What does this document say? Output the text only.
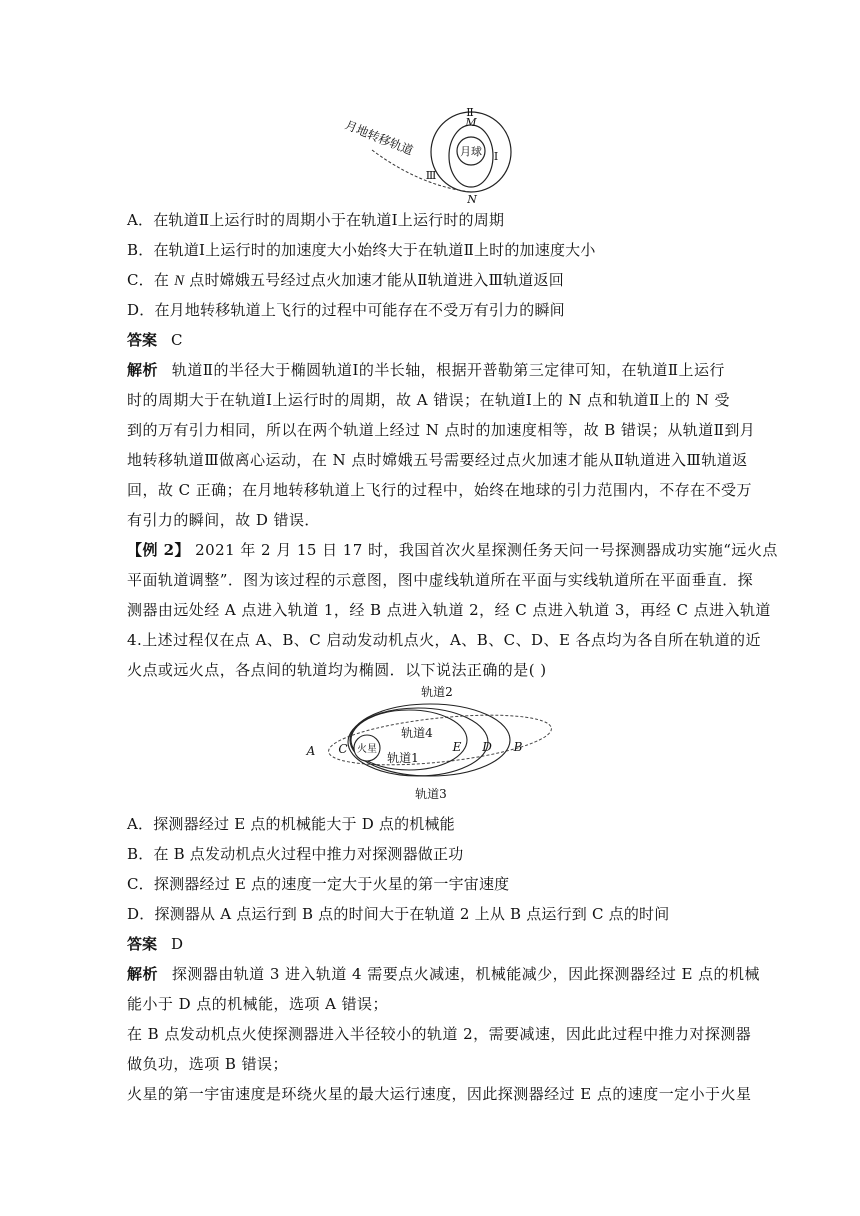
Ⅱ
M
月球 Ⅰ
Ⅲ
N
月地转移轨道
A．在轨道Ⅱ上运行时的周期小于在轨道Ⅰ上运行时的周期
B．在轨道Ⅰ上运行时的加速度大小始终大于在轨道Ⅱ上时的加速度大小
C．在 N 点时嫦娥五号经过点火加速才能从Ⅱ轨道进入Ⅲ轨道返回
D．在月地转移轨道上飞行的过程中可能存在不受万有引力的瞬间
答案 C
解析 轨道Ⅱ的半径大于椭圆轨道Ⅰ的半长轴，根据开普勒第三定律可知，在轨道Ⅱ上运行
时的周期大于在轨道Ⅰ上运行时的周期，故 A 错误；在轨道Ⅰ上的 N 点和轨道Ⅱ上的 N 受
到的万有引力相同，所以在两个轨道上经过 N 点时的加速度相等，故 B 错误；从轨道Ⅱ到月
地转移轨道Ⅲ做离心运动，在 N 点时嫦娥五号需要经过点火加速才能从Ⅱ轨道进入Ⅲ轨道返
回，故 C 正确；在月地转移轨道上飞行的过程中，始终在地球的引力范围内，不存在不受万
有引力的瞬间，故 D 错误．
【例 2】 2021 年 2 月 15 日 17 时，我国首次火星探测任务天问一号探测器成功实施“远火点
平面轨道调整”．图为该过程的示意图，图中虚线轨道所在平面与实线轨道所在平面垂直．探
测器由远处经 A 点进入轨道 1，经 B 点进入轨道 2，经 C 点进入轨道 3，再经 C 点进入轨道
4.上述过程仅在点 A、B、C 启动发动机点火，A、B、C、D、E 各点均为各自所在轨道的近
火点或远火点，各点间的轨道均为椭圆．以下说法正确的是( )
轨道2
轨道4
轨道1
轨道3
火星
A C	E D B
A．探测器经过 E 点的机械能大于 D 点的机械能
B．在 B 点发动机点火过程中推力对探测器做正功
C．探测器经过 E 点的速度一定大于火星的第一宇宙速度
D．探测器从 A 点运行到 B 点的时间大于在轨道 2 上从 B 点运行到 C 点的时间
答案 D
解析 探测器由轨道 3 进入轨道 4 需要点火减速，机械能减少，因此探测器经过 E 点的机械
能小于 D 点的机械能，选项 A 错误；
在 B 点发动机点火使探测器进入半径较小的轨道 2，需要减速，因此此过程中推力对探测器
做负功，选项 B 错误；
火星的第一宇宙速度是环绕火星的最大运行速度，因此探测器经过 E 点的速度一定小于火星
